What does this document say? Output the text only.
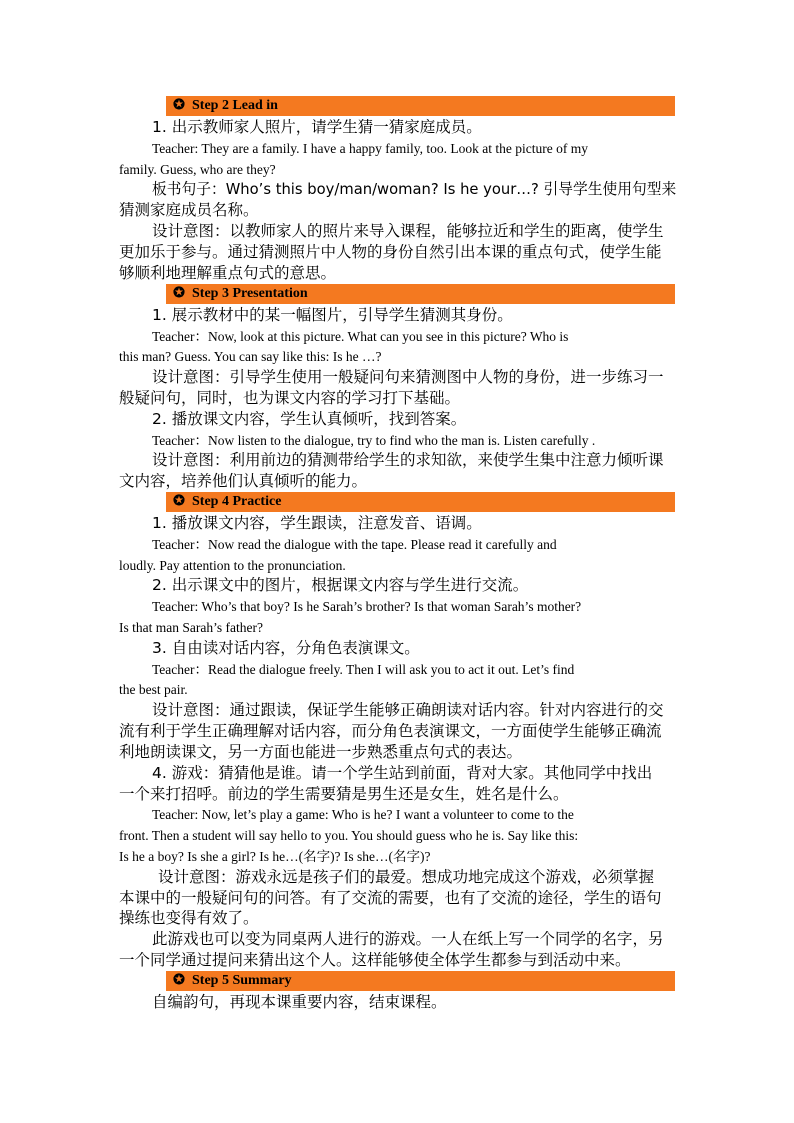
✪ Step 2 Lead in
1. 出示教师家人照片，请学生猜一猜家庭成员。
Teacher: They are a family. I have a happy family, too. Look at the picture of my
family. Guess, who are they?
板书句子：Who’s this boy/man/woman? Is he your…? 引导学生使用句型来
猜测家庭成员名称。
设计意图：以教师家人的照片来导入课程，能够拉近和学生的距离，使学生
更加乐于参与。通过猜测照片中人物的身份自然引出本课的重点句式，使学生能
够顺利地理解重点句式的意思。
✪ Step 3 Presentation
1. 展示教材中的某一幅图片，引导学生猜测其身份。
Teacher：Now, look at this picture. What can you see in this picture? Who is
this man? Guess. You can say like this: Is he …?
设计意图：引导学生使用一般疑问句来猜测图中人物的身份，进一步练习一
般疑问句，同时，也为课文内容的学习打下基础。
2. 播放课文内容，学生认真倾听，找到答案。
Teacher：Now listen to the dialogue, try to find who the man is. Listen carefully .
设计意图：利用前边的猜测带给学生的求知欲，来使学生集中注意力倾听课
文内容，培养他们认真倾听的能力。
✪ Step 4 Practice
1. 播放课文内容，学生跟读，注意发音、语调。
Teacher：Now read the dialogue with the tape. Please read it carefully and
loudly. Pay attention to the pronunciation.
2. 出示课文中的图片，根据课文内容与学生进行交流。
Teacher: Who’s that boy? Is he Sarah’s brother? Is that woman Sarah’s mother?
Is that man Sarah’s father?
3. 自由读对话内容，分角色表演课文。
Teacher：Read the dialogue freely. Then I will ask you to act it out. Let’s find
the best pair.
设计意图：通过跟读，保证学生能够正确朗读对话内容。针对内容进行的交
流有利于学生正确理解对话内容，而分角色表演课文，一方面使学生能够正确流
利地朗读课文，另一方面也能进一步熟悉重点句式的表达。
4. 游戏：猜猜他是谁。请一个学生站到前面，背对大家。其他同学中找出
一个来打招呼。前边的学生需要猜是男生还是女生，姓名是什么。
Teacher: Now, let’s play a game: Who is he? I want a volunteer to come to the
front. Then a student will say hello to you. You should guess who he is. Say like this:
Is he a boy? Is she a girl? Is he…(名字)? Is she…(名字)?
设计意图：游戏永远是孩子们的最爱。想成功地完成这个游戏，必须掌握
本课中的一般疑问句的问答。有了交流的需要，也有了交流的途径，学生的语句
操练也变得有效了。
此游戏也可以变为同桌两人进行的游戏。一人在纸上写一个同学的名字，另
一个同学通过提问来猜出这个人。这样能够使全体学生都参与到活动中来。
✪ Step 5 Summary
自编韵句，再现本课重要内容，结束课程。
